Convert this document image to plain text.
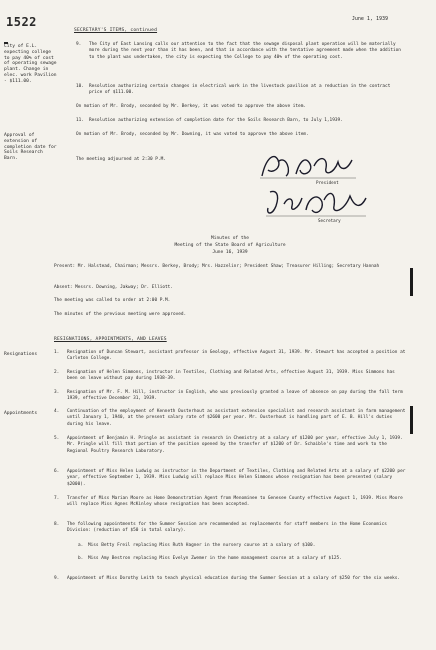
1522	June 1, 1939
SECRETARY'S ITEMS, continued
City of E.L. expecting college to pay 40% of cost of operating sewage plant. Change in elec. work Pavilion - $111.00.
Approval of extension of completion date for Soils Research Barn.
9. The City of East Lansing calls our attention to the fact that the sewage disposal plant operation will be materially more during the next year than it has been, and that in accordance with the tentative agreement made when the addition to the plant was undertaken, the city is expecting the College to pay 40% of the operating cost.
10. Resolution authorizing certain changes in electrical work in the livestock pavilion at a reduction in the contract price of $111.00.
On motion of Mr. Brody, seconded by Mr. Berkey, it was voted to approve the above item.
11. Resolution authorizing extension of completion date for the Soils Research Barn, to July 1,1939.
On motion of Mr. Brody, seconded by Mr. Downing, it was voted to approve the above item.
The meeting adjourned at 2:30 P.M.
President
Secretary
Minutes of the
Meeting of the State Board of Agriculture
June 16, 1939
Present: Mr. Halstead, Chairman; Messrs. Berkey, Brody; Mrs. Hazzelinr; President Shaw; Treasurer Hilling; Secretary Hannah
Absent: Messrs. Downing, Jakway; Dr. Elliott.
The meeting was called to order at 2:00 P.M.
The minutes of the previous meeting were approved.
RESIGNATIONS, APPOINTMENTS, AND LEAVES
Resignations
Appointments
1. Resignation of Duncan Stewart, assistant professor in Geology, effective August 31, 1939. Mr. Stewart has accepted a position at Carleton College.
2. Resignation of Helen Simmons, instructor in Textiles, Clothing and Related Arts, effective August 31, 1939. Miss Simmons has been on leave without pay during 1938-39.
3. Resignation of Mr. F. M. Hill, instructor in English, who was previously granted a leave of absence on pay during the fall term 1939, effective December 31, 1939.
4. Continuation of the employment of Kenneth Ousterhout as assistant extension specialist and research assistant in farm management until January 1, 1940, at the present salary rate of $2600 per year. Mr. Ousterhout is handling part of E. B. Hill's duties during his leave.
5. Appointment of Benjamin H. Pringle as assistant in research in Chemistry at a salary of $1200 per year, effective July 1, 1939. Mr. Pringle will fill that portion of the position opened by the transfer of $1200 of Dr. Schaible's time and work to the Regional Poultry Research Laboratory.
6. Appointment of Miss Helen Ludwig as instructor in the Department of Textiles, Clothing and Related Arts at a salary of $2200 per year, effective September 1, 1939. Miss Ludwig will replace Miss Helen Simmons whose resignation has been presented (salary $2000).
7. Transfer of Miss Marian Moore as Home Demonstration Agent from Menominee to Genesee County effective August 1, 1939. Miss Moore will replace Miss Agnes McKinley whose resignation has been accepted.
8. The following appointments for the Summer Session are recommended as replacements for staff members in the Home Economics Division: (reduction of $50 in total salary).
a. Miss Betty Freil replacing Miss Ruth Hagner in the nursery course at a salary of $100.
b. Miss Amy Bestron replacing Miss Evelyn Zwemer in the home management course at a salary of $125.
9. Appointment of Miss Dorothy Leith to teach physical education during the Summer Session at a salary of $250 for the six weeks.
